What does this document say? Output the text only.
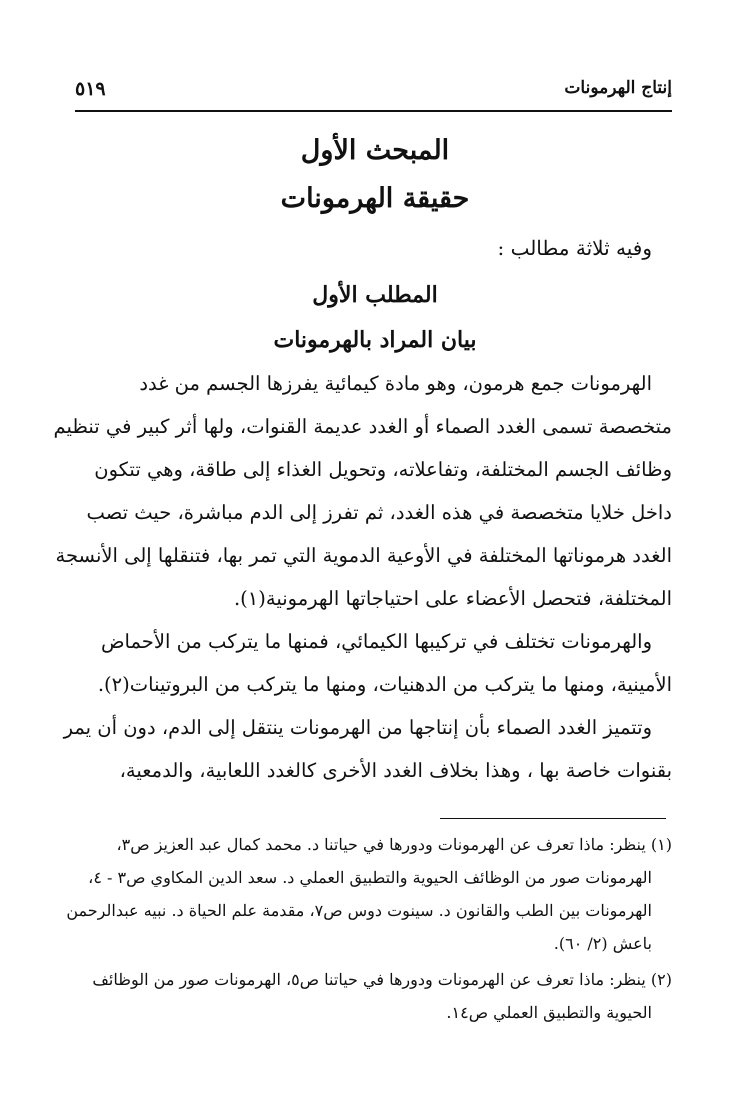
إنتاج الهرمونات
٥١٩
المبحث الأول
حقيقة الهرمونات
وفيه ثلاثة مطالب :
المطلب الأول
بيان المراد بالهرمونات
الهرمونات جمع هرمون، وهو مادة كيمائية يفرزها الجسم من غدد
متخصصة تسمى الغدد الصماء أو الغدد عديمة القنوات، ولها أثر كبير في تنظيم
وظائف الجسم المختلفة، وتفاعلاته، وتحويل الغذاء إلى طاقة، وهي تتكون
داخل خلايا متخصصة في هذه الغدد، ثم تفرز إلى الدم مباشرة، حيث تصب
الغدد هرموناتها المختلفة في الأوعية الدموية التي تمر بها، فتنقلها إلى الأنسجة
المختلفة، فتحصل الأعضاء على احتياجاتها الهرمونية(١).
والهرمونات تختلف في تركيبها الكيمائي، فمنها ما يتركب من الأحماض
الأمينية، ومنها ما يتركب من الدهنيات، ومنها ما يتركب من البروتينات(٢).
وتتميز الغدد الصماء بأن إنتاجها من الهرمونات ينتقل إلى الدم، دون أن يمر
بقنوات خاصة بها ، وهذا بخلاف الغدد الأخرى كالغدد اللعابية، والدمعية،
(١) ينظر: ماذا تعرف عن الهرمونات ودورها في حياتنا د. محمد كمال عبد العزيز ص٣،
الهرمونات صور من الوظائف الحيوية والتطبيق العملي د. سعد الدين المكاوي ص٣ - ٤،
الهرمونات بين الطب والقانون د. سينوت دوس ص٧، مقدمة علم الحياة د. نبيه عبدالرحمن
باعش (٢/ ٦٠).
(٢) ينظر: ماذا تعرف عن الهرمونات ودورها في حياتنا ص٥، الهرمونات صور من الوظائف
الحيوية والتطبيق العملي ص١٤.
